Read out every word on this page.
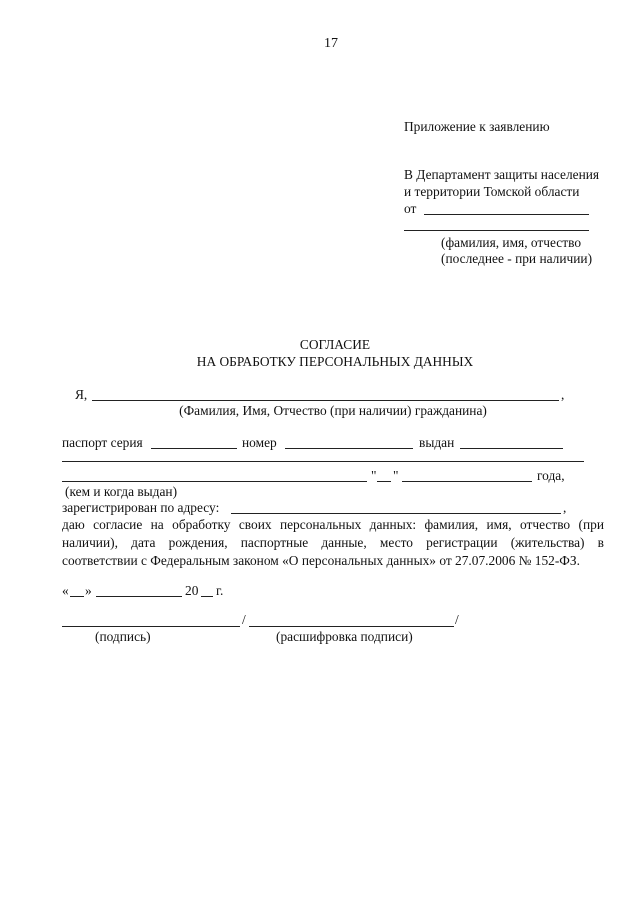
17
Приложение к заявлению
В Департамент защиты населения
и территории Томской области
от
(фамилия, имя, отчество
(последнее - при наличии)
СОГЛАСИЕ
НА ОБРАБОТКУ ПЕРСОНАЛЬНЫХ ДАННЫХ
Я,	,
(Фамилия, Имя, Отчество (при наличии) гражданина)
паспорт серия	номер	выдан
" "	года,
(кем и когда выдан)
зарегистрирован по адресу:	,
даю согласие на обработку своих персональных данных: фамилия, имя, отчество (при
наличии), дата рождения, паспортные данные, место регистрации (жительства) в
соответствии с Федеральным законом «О персональных данных» от 27.07.2006 № 152-ФЗ.
« »	20 г.
/	/
(подпись)	(расшифровка подписи)
